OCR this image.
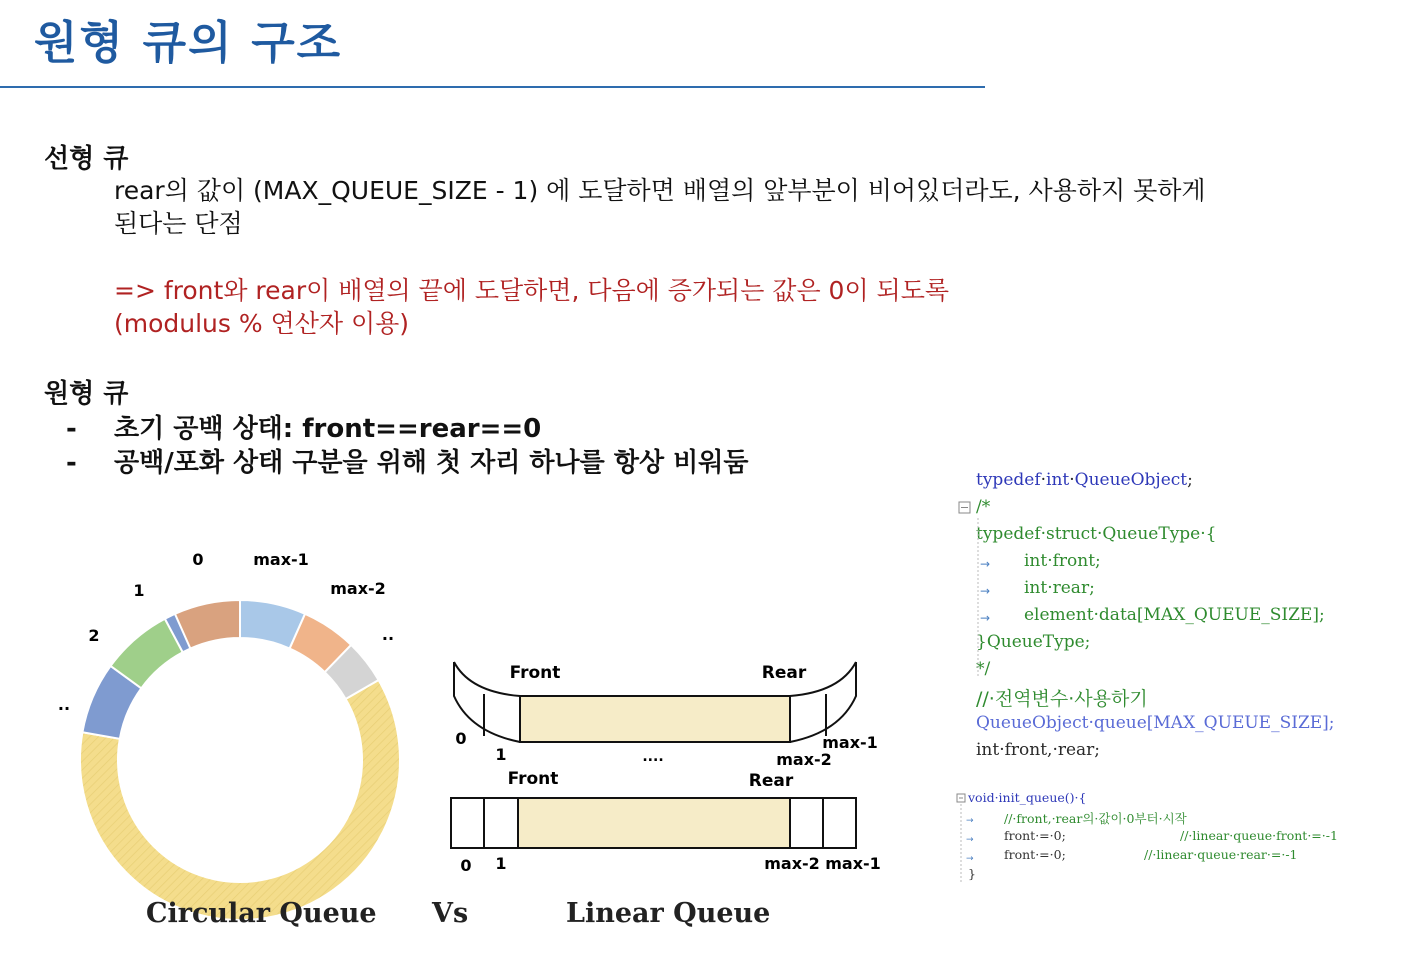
원형 큐의 구조
선형 큐
rear의 값이 (MAX_QUEUE_SIZE - 1) 에 도달하면 배열의 앞부분이 비어있더라도, 사용하지 못하게
된다는 단점
=> front와 rear이 배열의 끝에 도달하면, 다음에 증가되는 값은 0이 되도록
(modulus % 연산자 이용)
원형 큐
- 초기 공백 상태: front==rear==0
- 공백/포화 상태 구분을 위해 첫 자리 하나를 항상 비워둠
typedef·int·QueueObject;
/*
typedef·struct·QueueType·{
int·front;
int·rear;
element·data[MAX_QUEUE_SIZE];
}QueueType;
*/
//·전역변수·사용하기
QueueObject·queue[MAX_QUEUE_SIZE];
int·front,·rear;
→
→
→
→
→
→
void·init_queue()·{
//·front,·rear의·값이·0부터·시작
front·=·0;	//·linear·queue·front·=·-1
front·=·0;	//·linear·queue·rear·=·-1
}
0
1
2
..
max-1
max-2
..
Front	Rear
0
1	....
max-1
max-2
Front	Rear
0 1	max-2 max-1
Circular Queue Vs	Linear Queue
